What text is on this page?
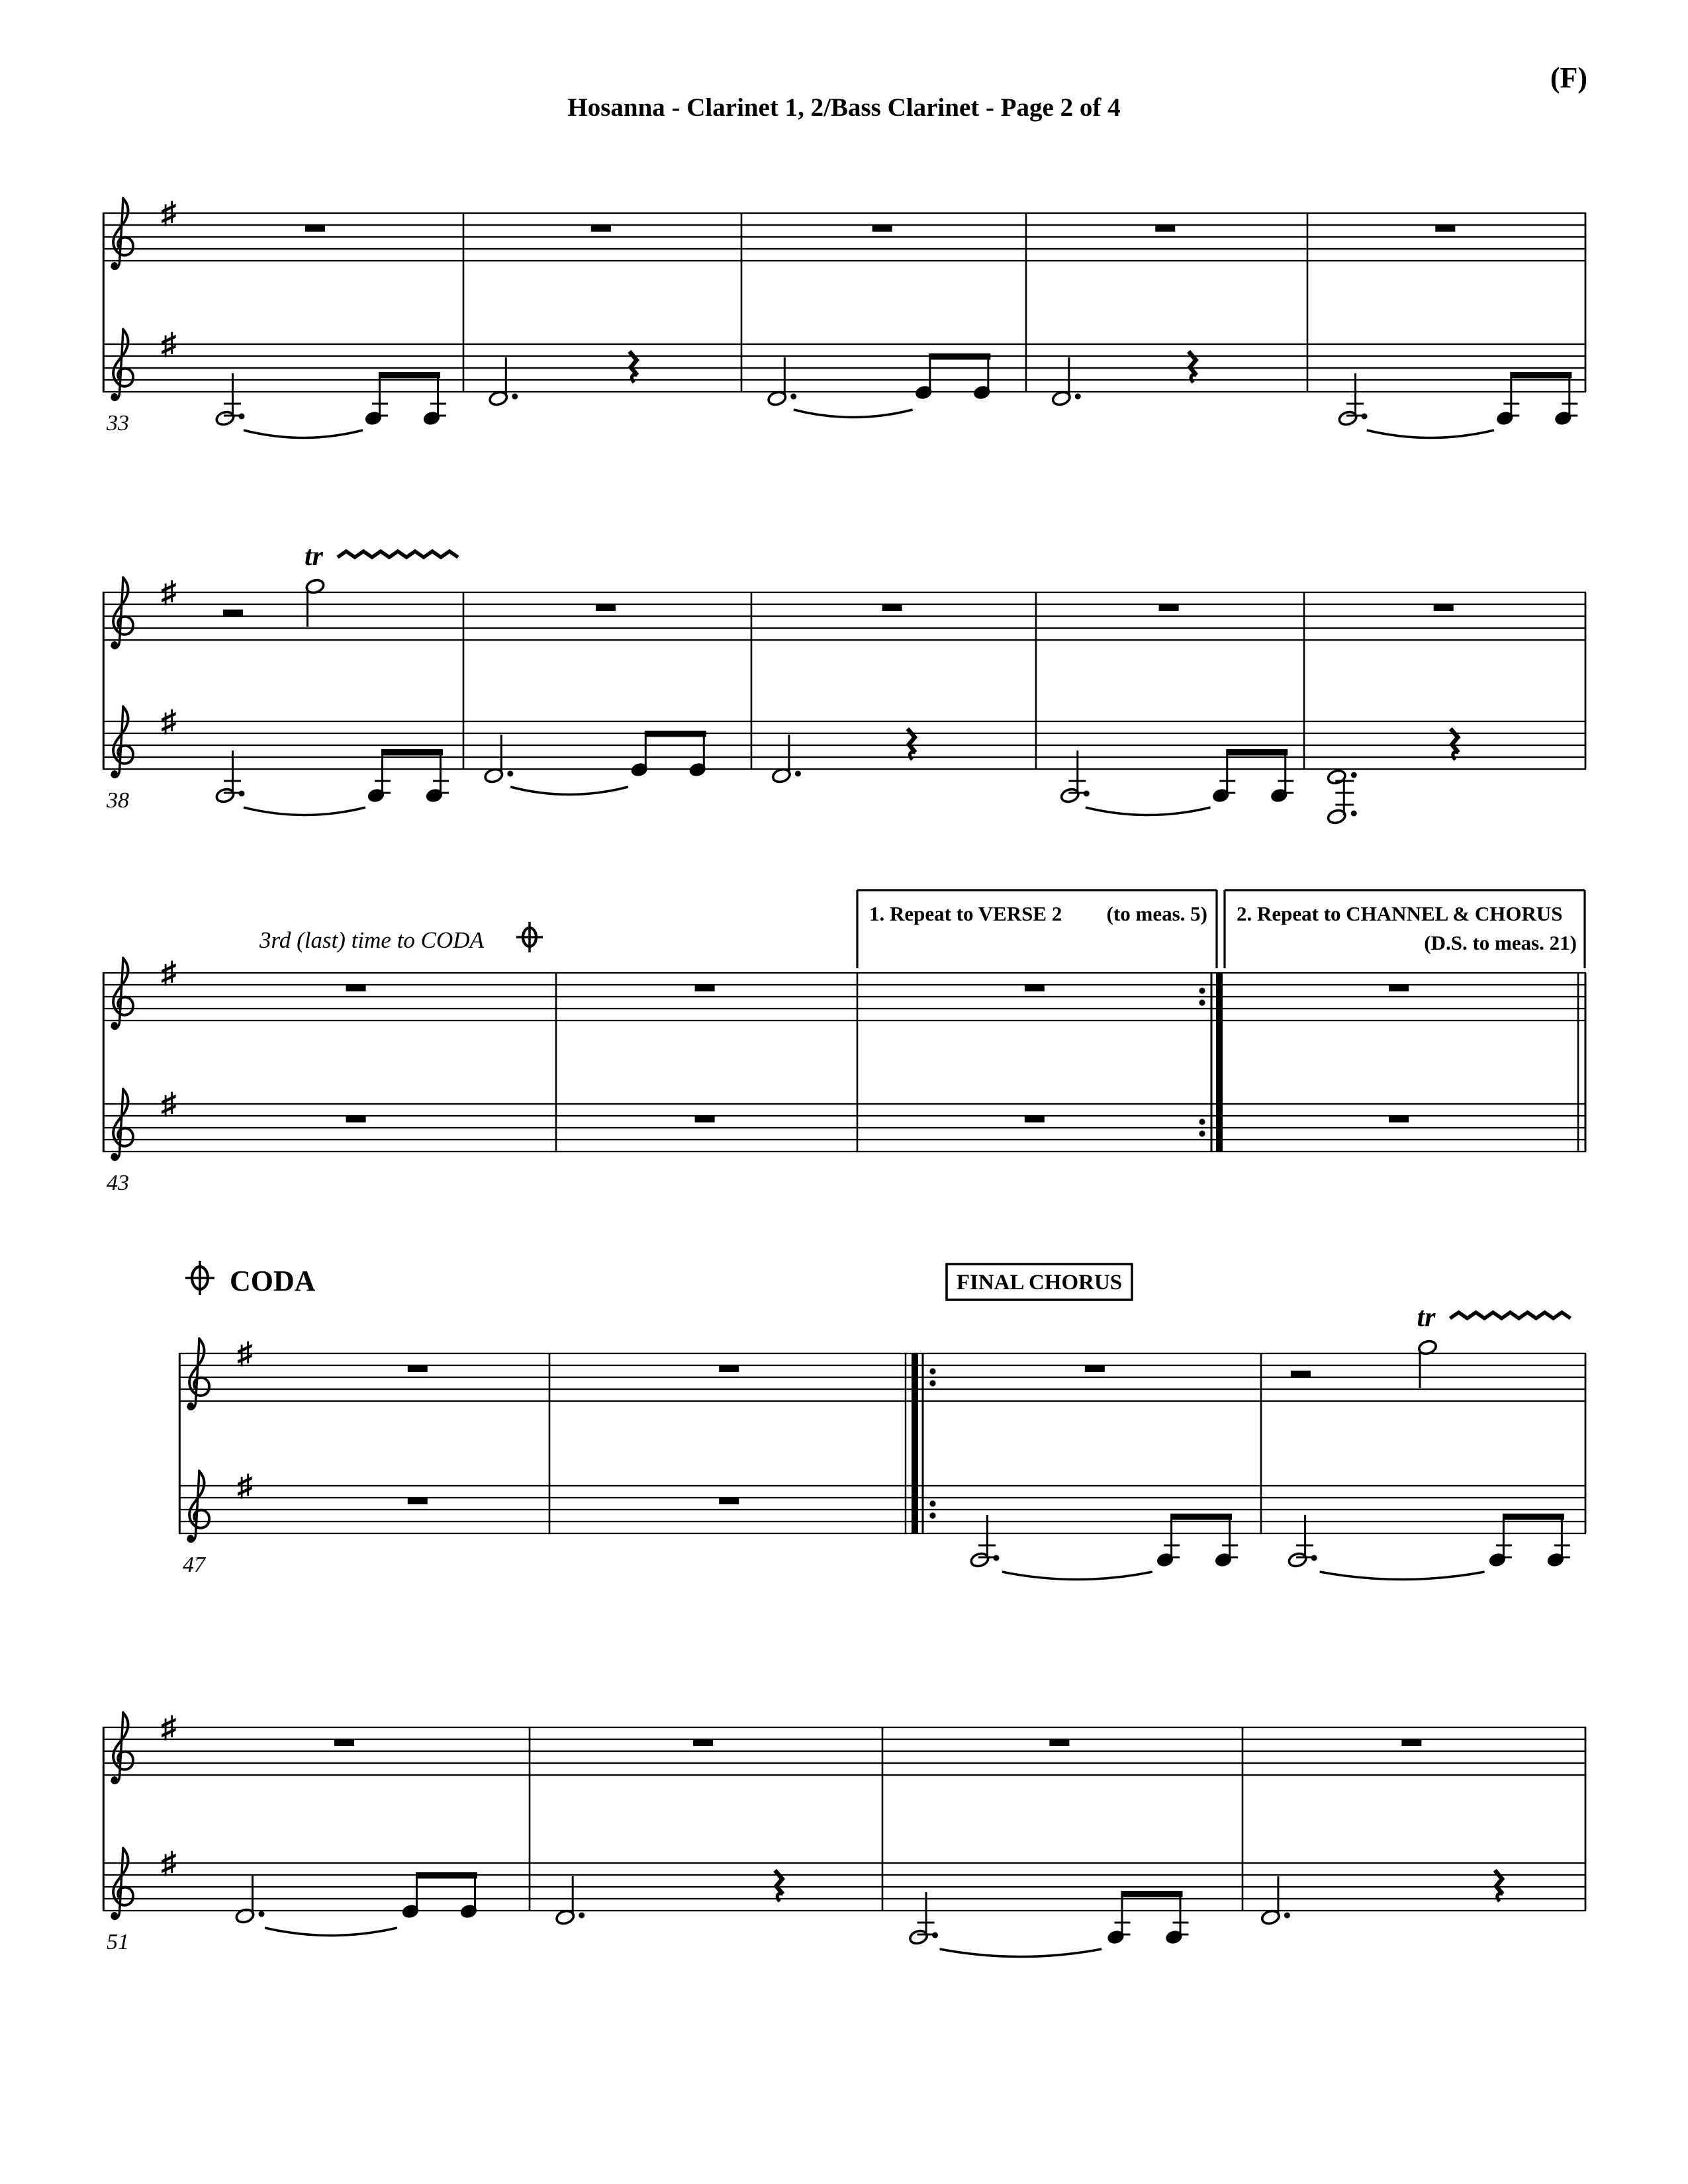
(F)
Hosanna - Clarinet 1, 2/Bass Clarinet - Page 2 of 4
♯
♯
33
♯
♯
tr
38
♯
♯
43
1. Repeat to VERSE 2 (to meas. 5) 2. Repeat to CHANNEL & CHORUS
(D.S. to meas. 21)
♯
♯
tr
47
♯
♯
51
3rd (last) time to CODA
CODA	FINAL CHORUS
